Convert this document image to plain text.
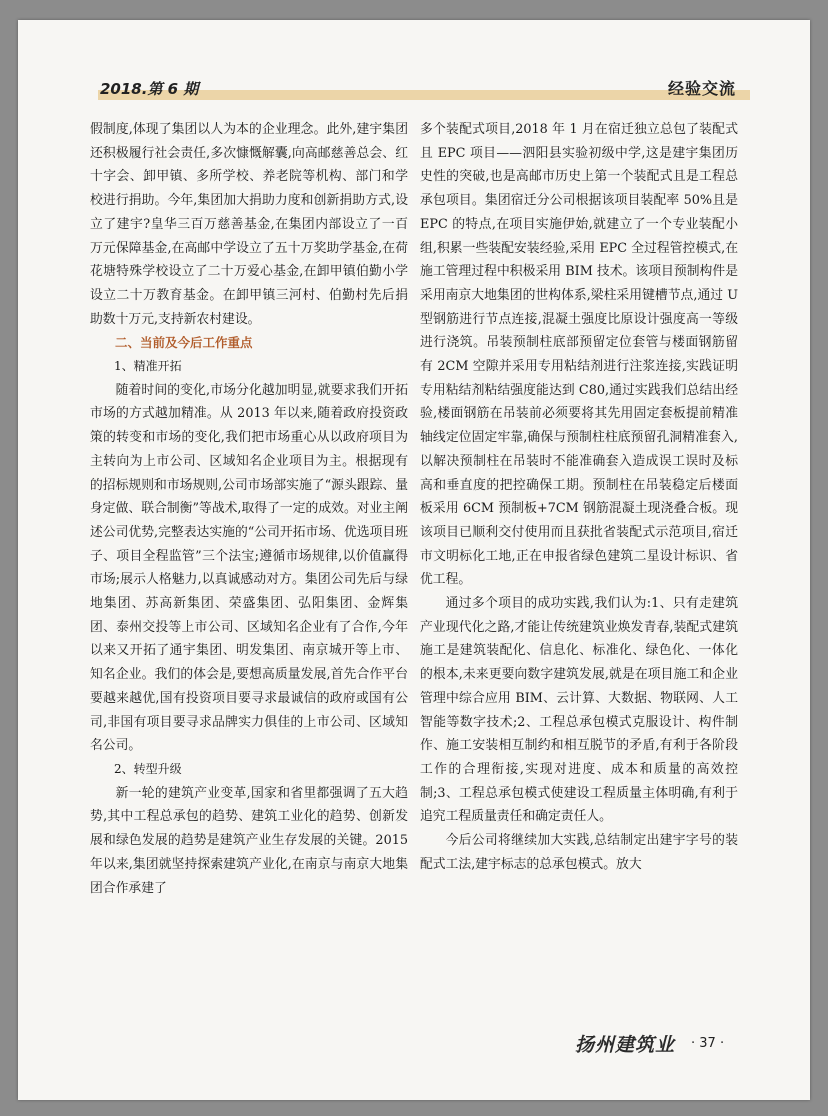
2018.第 6 期	经验交流

假制度,体现了集团以人为本的企业理念。此外,建宇集团还积极履行社会责任,多次慷慨解囊,向高邮慈善总会、红十字会、卸甲镇、多所学校、养老院等机构、部门和学校进行捐助。今年,集团加大捐助力度和创新捐助方式,设立了建宇?皇华三百万慈善基金,在集团内部设立了一百万元保障基金,在高邮中学设立了五十万奖助学基金,在荷花塘特殊学校设立了二十万爱心基金,在卸甲镇伯勤小学设立二十万教育基金。在卸甲镇三河村、伯勤村先后捐助数十万元,支持新农村建设。

二、当前及今后工作重点

1、精准开拓

随着时间的变化,市场分化越加明显,就要求我们开拓市场的方式越加精准。从 2013 年以来,随着政府投资政策的转变和市场的变化,我们把市场重心从以政府项目为主转向为上市公司、区域知名企业项目为主。根据现有的招标规则和市场规则,公司市场部实施了“源头跟踪、量身定做、联合制衡”等战术,取得了一定的成效。对业主阐述公司优势,完整表达实施的“公司开拓市场、优选项目班子、项目全程监管”三个法宝;遵循市场规律,以价值赢得市场;展示人格魅力,以真诚感动对方。集团公司先后与绿地集团、苏高新集团、荣盛集团、弘阳集团、金辉集团、泰州交投等上市公司、区域知名企业有了合作,今年以来又开拓了通宇集团、明发集团、南京城开等上市、知名企业。我们的体会是,要想高质量发展,首先合作平台要越来越优,国有投资项目要寻求最诚信的政府或国有公司,非国有项目要寻求品牌实力俱佳的上市公司、区域知名公司。

2、转型升级

新一轮的建筑产业变革,国家和省里都强调了五大趋势,其中工程总承包的趋势、建筑工业化的趋势、创新发展和绿色发展的趋势是建筑产业生存发展的关键。2015 年以来,集团就坚持探索建筑产业化,在南京与南京大地集团合作承建了

多个装配式项目,2018 年 1 月在宿迁独立总包了装配式且 EPC 项目——泗阳县实验初级中学,这是建宇集团历史性的突破,也是高邮市历史上第一个装配式且是工程总承包项目。集团宿迁分公司根据该项目装配率 50%且是 EPC 的特点,在项目实施伊始,就建立了一个专业装配小组,积累一些装配安装经验,采用 EPC 全过程管控模式,在施工管理过程中积极采用 BIM 技术。该项目预制构件是采用南京大地集团的世构体系,梁柱采用键槽节点,通过 U 型钢筋进行节点连接,混凝土强度比原设计强度高一等级进行浇筑。吊装预制柱底部预留定位套管与楼面钢筋留有 2CM 空隙并采用专用粘结剂进行注浆连接,实践证明专用粘结剂粘结强度能达到 C80,通过实践我们总结出经验,楼面钢筋在吊装前必须要将其先用固定套板提前精准轴线定位固定牢靠,确保与预制柱柱底预留孔洞精准套入,以解决预制柱在吊装时不能准确套入造成误工误时及标高和垂直度的把控确保工期。预制柱在吊装稳定后楼面板采用 6CM 预制板+7CM 钢筋混凝土现浇叠合板。现该项目已顺利交付使用而且获批省装配式示范项目,宿迁市文明标化工地,正在申报省绿色建筑二星设计标识、省优工程。

通过多个项目的成功实践,我们认为:1、只有走建筑产业现代化之路,才能让传统建筑业焕发青春,装配式建筑施工是建筑装配化、信息化、标准化、绿色化、一体化的根本,未来更要向数字建筑发展,就是在项目施工和企业管理中综合应用 BIM、云计算、大数据、物联网、人工智能等数字技术;2、工程总承包模式克服设计、构件制作、施工安装相互制约和相互脱节的矛盾,有利于各阶段工作的合理衔接,实现对进度、成本和质量的高效控制;3、工程总承包模式使建设工程质量主体明确,有利于追究工程质量责任和确定责任人。

今后公司将继续加大实践,总结制定出建宇字号的装配式工法,建宇标志的总承包模式。放大

扬州建筑业 · 37 ·
